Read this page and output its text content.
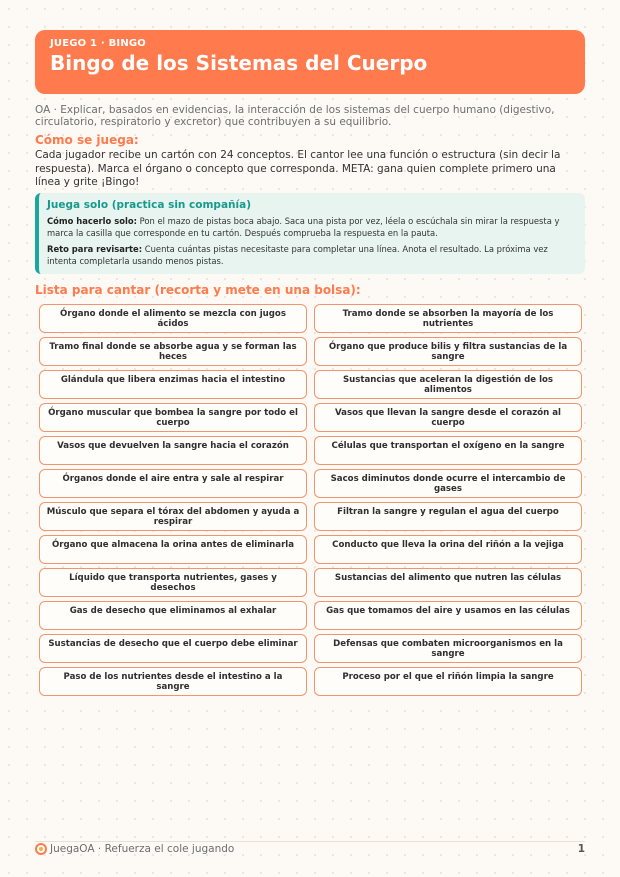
JUEGO 1 · BINGO
Bingo de los Sistemas del Cuerpo
OA · Explicar, basados en evidencias, la interacción de los sistemas del cuerpo humano (digestivo, circulatorio, respiratorio y excretor) que contribuyen a su equilibrio.
Cómo se juega:
Cada jugador recibe un cartón con 24 conceptos. El cantor lee una función o estructura (sin decir la respuesta). Marca el órgano o concepto que corresponda. META: gana quien complete primero una línea y grite ¡Bingo!
Juega solo (practica sin compañía)
Cómo hacerlo solo: Pon el mazo de pistas boca abajo. Saca una pista por vez, léela o escúchala sin mirar la respuesta y marca la casilla que corresponde en tu cartón. Después comprueba la respuesta en la pauta.
Reto para revisarte: Cuenta cuántas pistas necesitaste para completar una línea. Anota el resultado. La próxima vez intenta completarla usando menos pistas.
Lista para cantar (recorta y mete en una bolsa):
Órgano donde el alimento se mezcla con jugos ácidos
Tramo donde se absorben la mayoría de los nutrientes
Tramo final donde se absorbe agua y se forman las heces
Órgano que produce bilis y filtra sustancias de la sangre
Glándula que libera enzimas hacia el intestino	Sustancias que aceleran la digestión de los alimentos
Órgano muscular que bombea la sangre por todo el cuerpo
Vasos que llevan la sangre desde el corazón al cuerpo
Vasos que devuelven la sangre hacia el corazón	Células que transportan el oxígeno en la sangre
Órganos donde el aire entra y sale al respirar	Sacos diminutos donde ocurre el intercambio de gases
Músculo que separa el tórax del abdomen y ayuda a respirar
Filtran la sangre y regulan el agua del cuerpo
Órgano que almacena la orina antes de eliminarla	Conducto que lleva la orina del riñón a la vejiga
Líquido que transporta nutrientes, gases y desechos
Sustancias del alimento que nutren las células
Gas de desecho que eliminamos al exhalar	Gas que tomamos del aire y usamos en las células
Sustancias de desecho que el cuerpo debe eliminar	Defensas que combaten microorganismos en la sangre
Paso de los nutrientes desde el intestino a la sangre
Proceso por el que el riñón limpia la sangre
JuegaOA · Refuerza el cole jugando	1
